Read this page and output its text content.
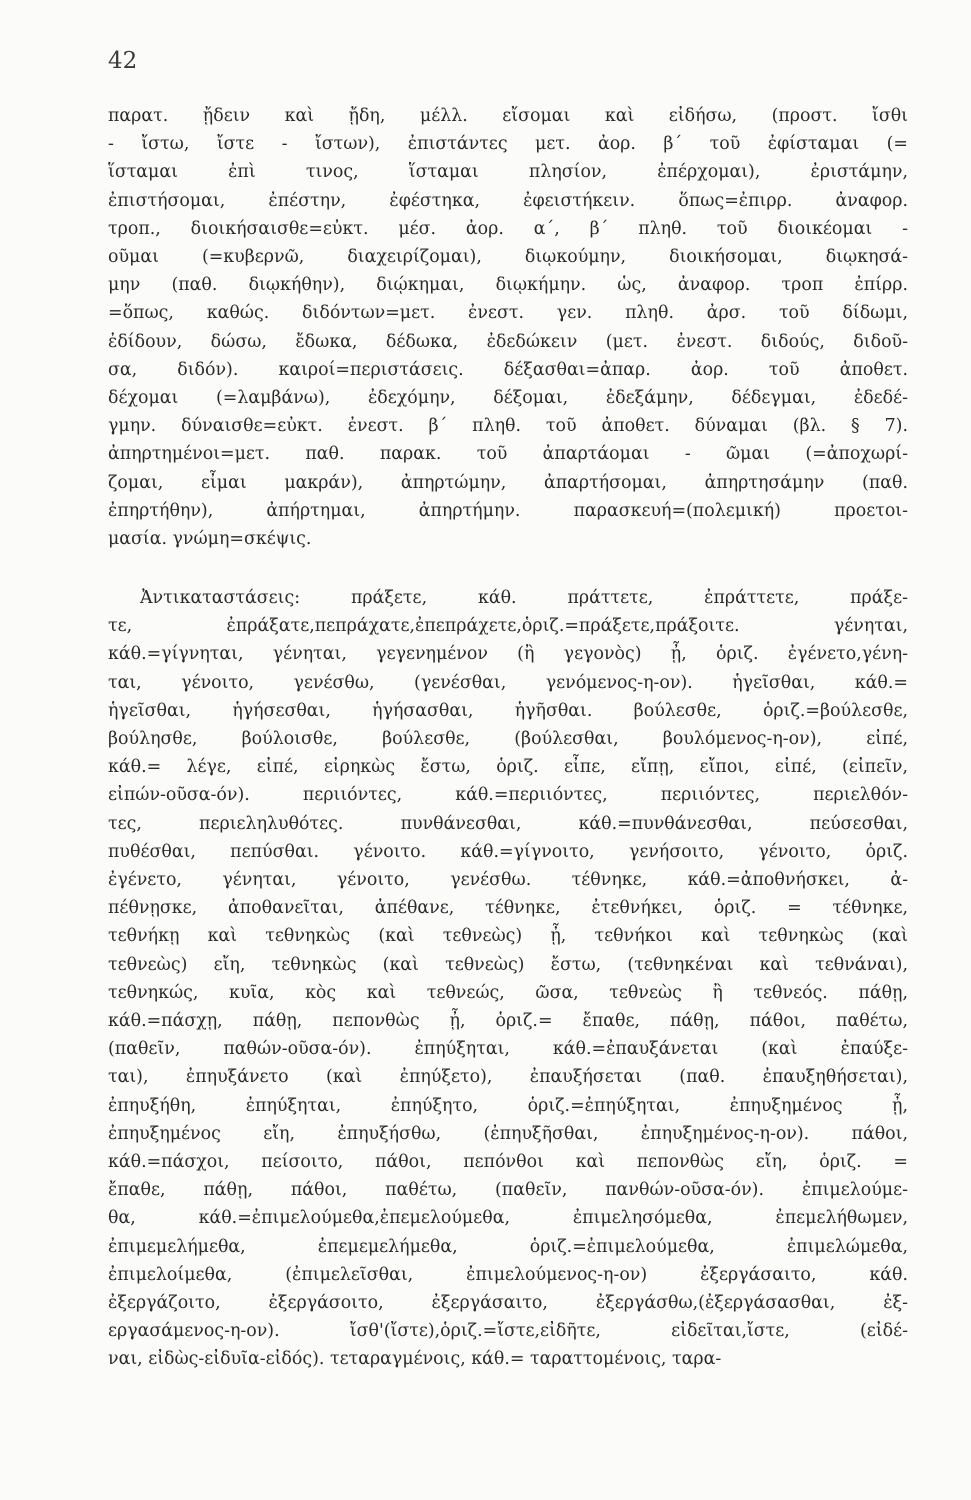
42
παρατ. ᾔδειν καὶ ᾔδη, μέλλ. εἴσομαι καὶ εἰδήσω, (προστ. ἴσθι
- ἴστω, ἴστε - ἴστων), ἐπιστάντες μετ. ἀορ. β΄ τοῦ ἐφίσταμαι (=
ἵσταμαι ἐπὶ τινος, ἵσταμαι πλησίον, ἐπέρχομαι), ἐριστάμην,
ἐπιστήσομαι, ἐπέστην, ἐφέστηκα, ἐφειστήκειν. ὅπως=ἐπιρρ. ἀναφορ.
τροπ., διοικήσαισθε=εὐκτ. μέσ. ἀορ. α΄, β΄ πληθ. τοῦ διοικέομαι -
οῦμαι (=κυβερνῶ, διαχειρίζομαι), διῳκούμην, διοικήσομαι, διῳκησά-
μην (παθ. διῳκήθην), διῴκημαι, διῳκήμην. ὡς, ἀναφορ. τροπ ἐπίρρ.
=ὅπως, καθώς. διδόντων=μετ. ἐνεστ. γεν. πληθ. ἀρσ. τοῦ δίδωμι,
ἐδίδουν, δώσω, ἔδωκα, δέδωκα, ἐδεδώκειν (μετ. ἐνεστ. διδούς, διδοῦ-
σα, διδόν). καιροί=περιστάσεις. δέξασθαι=ἀπαρ. ἀορ. τοῦ ἀποθετ.
δέχομαι (=λαμβάνω), ἐδεχόμην, δέξομαι, ἐδεξάμην, δέδεγμαι, ἐδεδέ-
γμην. δύναισθε=εὐκτ. ἐνεστ. β΄ πληθ. τοῦ ἀποθετ. δύναμαι (βλ. § 7).
ἀπηρτημένοι=μετ. παθ. παρακ. τοῦ ἀπαρτάομαι - ῶμαι (=ἀποχωρί-
ζομαι, εἶμαι μακράν), ἀπηρτώμην, ἀπαρτήσομαι, ἀπηρτησάμην (παθ.
ἐπηρτήθην), ἀπήρτημαι, ἀπηρτήμην. παρασκευή=(πολεμική) προετοι-
μασία. γνώμη=σκέψις.
Ἀντικαταστάσεις: πράξετε, κάθ. πράττετε, ἐπράττετε, πράξε-
τε, ἐπράξατε,πεπράχατε,ἐπεπράχετε,ὁριζ.=πράξετε,πράξοιτε. γένηται,
κάθ.=γίγνηται, γένηται, γεγενημένον (ἢ γεγονὸς) ᾖ, ὁριζ. ἐγένετο,γένη-
ται, γένοιτο, γενέσθω, (γενέσθαι, γενόμενος-η-ον). ἡγεῖσθαι, κάθ.=
ἡγεῖσθαι, ἡγήσεσθαι, ἡγήσασθαι, ἡγῆσθαι. βούλεσθε, ὁριζ.=βούλεσθε,
βούλησθε, βούλοισθε, βούλεσθε, (βούλεσθαι, βουλόμενος-η-ον), εἰπέ,
κάθ.= λέγε, εἰπέ, εἰρηκὼς ἔστω, ὁριζ. εἶπε, εἴπῃ, εἴποι, εἰπέ, (εἰπεῖν,
εἰπών-οῦσα-όν). περιιόντες, κάθ.=περιιόντες, περιιόντες, περιελθόν-
τες, περιεληλυθότες. πυνθάνεσθαι, κάθ.=πυνθάνεσθαι, πεύσεσθαι,
πυθέσθαι, πεπύσθαι. γένοιτο. κάθ.=γίγνοιτο, γενήσοιτο, γένοιτο, ὁριζ.
ἐγένετο, γένηται, γένοιτο, γενέσθω. τέθνηκε, κάθ.=ἀποθνήσκει, ἀ-
πέθνῃσκε, ἀποθανεῖται, ἀπέθανε, τέθνηκε, ἐτεθνήκει, ὁριζ. = τέθνηκε,
τεθνήκῃ καὶ τεθνηκὼς (καὶ τεθνεὼς) ᾖ, τεθνήκοι καὶ τεθνηκὼς (καὶ
τεθνεὼς) εἴη, τεθνηκὼς (καὶ τεθνεὼς) ἔστω, (τεθνηκέναι καὶ τεθνάναι),
τεθνηκώς, κυῖα, κὸς καὶ τεθνεώς, ῶσα, τεθνεὼς ἢ τεθνεός. πάθῃ,
κάθ.=πάσχῃ, πάθῃ, πεπονθὼς ᾖ, ὁριζ.= ἔπαθε, πάθῃ, πάθοι, παθέτω,
(παθεῖν, παθών-οῦσα-όν). ἐπηύξηται, κάθ.=ἐπαυξάνεται (καὶ ἐπαύξε-
ται), ἐπηυξάνετο (καὶ ἐπηύξετο), ἐπαυξήσεται (παθ. ἐπαυξηθήσεται),
ἐπηυξήθη, ἐπηύξηται, ἐπηύξητο, ὁριζ.=ἐπηύξηται, ἐπηυξημένος ᾖ,
ἐπηυξημένος εἴη, ἐπηυξήσθω, (ἐπηυξῆσθαι, ἐπηυξημένος-η-ον). πάθοι,
κάθ.=πάσχοι, πείσοιτο, πάθοι, πεπόνθοι καὶ πεπονθὼς εἴη, ὁριζ. =
ἔπαθε, πάθῃ, πάθοι, παθέτω, (παθεῖν, πανθών-οῦσα-όν). ἐπιμελούμε-
θα, κάθ.=ἐπιμελούμεθα,ἐπεμελούμεθα, ἐπιμελησόμεθα, ἐπεμελήθωμεν,
ἐπιμεμελήμεθα, ἐπεμεμελήμεθα, ὁριζ.=ἐπιμελούμεθα, ἐπιμελώμεθα,
ἐπιμελοίμεθα, (ἐπιμελεῖσθαι, ἐπιμελούμενος-η-ον) ἐξεργάσαιτο, κάθ.
ἐξεργάζοιτο, ἐξεργάσοιτο, ἐξεργάσαιτο, ἐξεργάσθω,(ἐξεργάσασθαι, ἐξ-
εργασάμενος-η-ον). ἴσθ'(ἴστε),ὁριζ.=ἴστε,εἰδῆτε, εἰδεῖται,ἴστε, (εἰδέ-
ναι, εἰδὼς-εἰδυῖα-εἰδός). τεταραγμένοις, κάθ.= ταραττομένοις, ταρα-
